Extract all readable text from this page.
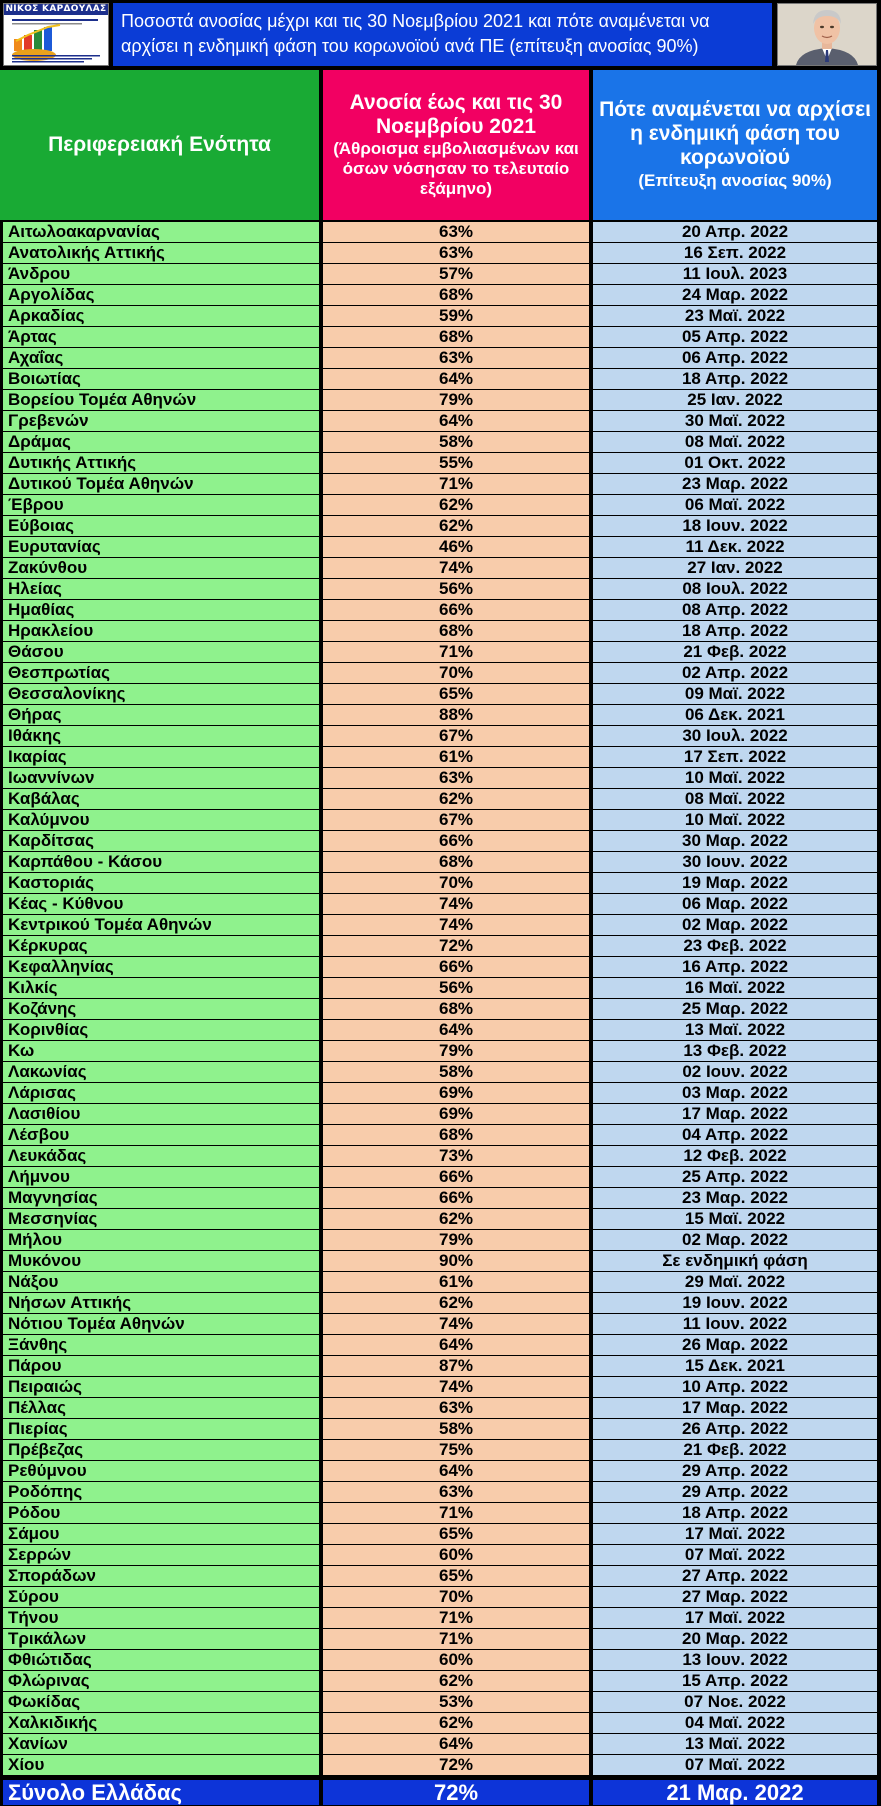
ΝΙΚΟΣ ΚΑΡΔΟΥΛΑΣ
Ποσοστά ανοσίας μέχρι και τις 30 Νοεμβρίου 2021 και πότε αναμένεται να αρχίσει η ενδημική φάση του κορωνοϊού ανά ΠΕ (επίτευξη ανοσίας 90%)
Περιφερειακή Ενότητα
Ανοσία έως και τις 30 Νοεμβρίου 2021
(Άθροισμα εμβολιασμένων και όσων νόσησαν το τελευταίο εξάμηνο)
Πότε αναμένεται να αρχίσει η ενδημική φάση του κορωνοϊού
(Επίτευξη ανοσίας 90%)
Αιτωλοακαρνανίας	63%	20 Απρ. 2022
Ανατολικής Αττικής	63%	16 Σεπ. 2022
Άνδρου	57%	11 Ιουλ. 2023
Αργολίδας	68%	24 Μαρ. 2022
Αρκαδίας	59%	23 Μαϊ. 2022
Άρτας	68%	05 Απρ. 2022
Αχαΐας	63%	06 Απρ. 2022
Βοιωτίας	64%	18 Απρ. 2022
Βορείου Τομέα Αθηνών	79%	25 Ιαν. 2022
Γρεβενών	64%	30 Μαϊ. 2022
Δράμας	58%	08 Μαϊ. 2022
Δυτικής Αττικής	55%	01 Οκτ. 2022
Δυτικού Τομέα Αθηνών	71%	23 Μαρ. 2022
Έβρου	62%	06 Μαϊ. 2022
Εύβοιας	62%	18 Ιουν. 2022
Ευρυτανίας	46%	11 Δεκ. 2022
Ζακύνθου	74%	27 Ιαν. 2022
Ηλείας	56%	08 Ιουλ. 2022
Ημαθίας	66%	08 Απρ. 2022
Ηρακλείου	68%	18 Απρ. 2022
Θάσου	71%	21 Φεβ. 2022
Θεσπρωτίας	70%	02 Απρ. 2022
Θεσσαλονίκης	65%	09 Μαϊ. 2022
Θήρας	88%	06 Δεκ. 2021
Ιθάκης	67%	30 Ιουλ. 2022
Ικαρίας	61%	17 Σεπ. 2022
Ιωαννίνων	63%	10 Μαϊ. 2022
Καβάλας	62%	08 Μαϊ. 2022
Καλύμνου	67%	10 Μαϊ. 2022
Καρδίτσας	66%	30 Μαρ. 2022
Καρπάθου - Κάσου	68%	30 Ιουν. 2022
Καστοριάς	70%	19 Μαρ. 2022
Κέας - Κύθνου	74%	06 Μαρ. 2022
Κεντρικού Τομέα Αθηνών	74%	02 Μαρ. 2022
Κέρκυρας	72%	23 Φεβ. 2022
Κεφαλληνίας	66%	16 Απρ. 2022
Κιλκίς	56%	16 Μαϊ. 2022
Κοζάνης	68%	25 Μαρ. 2022
Κορινθίας	64%	13 Μαϊ. 2022
Κω	79%	13 Φεβ. 2022
Λακωνίας	58%	02 Ιουν. 2022
Λάρισας	69%	03 Μαρ. 2022
Λασιθίου	69%	17 Μαρ. 2022
Λέσβου	68%	04 Απρ. 2022
Λευκάδας	73%	12 Φεβ. 2022
Λήμνου	66%	25 Απρ. 2022
Μαγνησίας	66%	23 Μαρ. 2022
Μεσσηνίας	62%	15 Μαϊ. 2022
Μήλου	79%	02 Μαρ. 2022
Μυκόνου	90%	Σε ενδημική φάση
Νάξου	61%	29 Μαϊ. 2022
Νήσων Αττικής	62%	19 Ιουν. 2022
Νότιου Τομέα Αθηνών	74%	11 Ιουν. 2022
Ξάνθης	64%	26 Μαρ. 2022
Πάρου	87%	15 Δεκ. 2021
Πειραιώς	74%	10 Απρ. 2022
Πέλλας	63%	17 Μαρ. 2022
Πιερίας	58%	26 Απρ. 2022
Πρέβεζας	75%	21 Φεβ. 2022
Ρεθύμνου	64%	29 Απρ. 2022
Ροδόπης	63%	29 Απρ. 2022
Ρόδου	71%	18 Απρ. 2022
Σάμου	65%	17 Μαϊ. 2022
Σερρών	60%	07 Μαϊ. 2022
Σποράδων	65%	27 Απρ. 2022
Σύρου	70%	27 Μαρ. 2022
Τήνου	71%	17 Μαϊ. 2022
Τρικάλων	71%	20 Μαρ. 2022
Φθιώτιδας	60%	13 Ιουν. 2022
Φλώρινας	62%	15 Απρ. 2022
Φωκίδας	53%	07 Νοε. 2022
Χαλκιδικής	62%	04 Μαϊ. 2022
Χανίων	64%	13 Μαϊ. 2022
Χίου	72%	07 Μαϊ. 2022
Σύνολο Ελλάδας	72%	21 Μαρ. 2022
